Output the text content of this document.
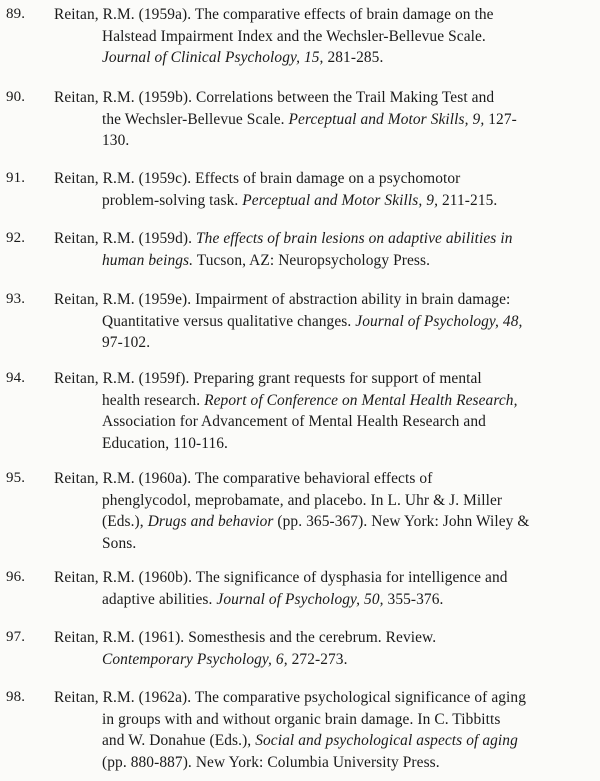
89. Reitan, R.M. (1959a). The comparative effects of brain damage on the
Halstead Impairment Index and the Wechsler-Bellevue Scale.
Journal of Clinical Psychology, 15, 281-285.
90. Reitan, R.M. (1959b). Correlations between the Trail Making Test and
the Wechsler-Bellevue Scale. Perceptual and Motor Skills, 9, 127-
130.
91. Reitan, R.M. (1959c). Effects of brain damage on a psychomotor
problem-solving task. Perceptual and Motor Skills, 9, 211-215.
92. Reitan, R.M. (1959d). The effects of brain lesions on adaptive abilities in
human beings. Tucson, AZ: Neuropsychology Press.
93. Reitan, R.M. (1959e). Impairment of abstraction ability in brain damage:
Quantitative versus qualitative changes. Journal of Psychology, 48,
97-102.
94. Reitan, R.M. (1959f). Preparing grant requests for support of mental
health research. Report of Conference on Mental Health Research,
Association for Advancement of Mental Health Research and
Education, 110-116.
95. Reitan, R.M. (1960a). The comparative behavioral effects of
phenglycodol, meprobamate, and placebo. In L. Uhr & J. Miller
(Eds.), Drugs and behavior (pp. 365-367). New York: John Wiley &
Sons.
96. Reitan, R.M. (1960b). The significance of dysphasia for intelligence and
adaptive abilities. Journal of Psychology, 50, 355-376.
97. Reitan, R.M. (1961). Somesthesis and the cerebrum. Review.
Contemporary Psychology, 6, 272-273.
98. Reitan, R.M. (1962a). The comparative psychological significance of aging
in groups with and without organic brain damage. In C. Tibbitts
and W. Donahue (Eds.), Social and psychological aspects of aging
(pp. 880-887). New York: Columbia University Press.
